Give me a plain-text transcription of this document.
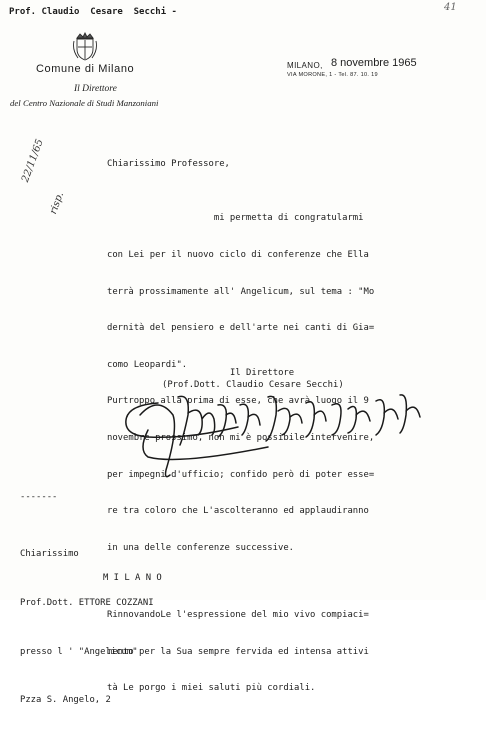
Prof. Claudio  Cesare  Secchi -	41
Comune di Milano
Il Direttore
del Centro Nazionale di Studi Manzoniani
MILANO, 8 novembre 1965
VIA MORONE, 1 - Tel. 87. 10. 19
22/11/65
risp.
Chiarissimo Professore,

mi permetta di congratularmi

con Lei per il nuovo ciclo di conferenze che Ella

terrà prossimamente all' Angelicum, sul tema : "Mo

dernità del pensiero e dell'arte nei canti di Gia=

como Leopardi".

Purtroppo alla prima di esse, che avrà luogo il 9

novembre prossimo, non mi è possibile intervenire,

per impegni d'ufficio; confido però di poter esse=

re tra coloro che L'ascolteranno ed applaudiranno

in una delle conferenze successive.

RinnovandoLe l'espressione del mio vivo compiaci=

mento per la Sua sempre fervida ed intensa attivi

tà Le porgo i miei saluti più cordiali.

Il Direttore
(Prof.Dott. Claudio Cesare Secchi)
-------

Chiarissimo

Prof.Dott. ETTORE COZZANI

presso l ' "Angelicum"

Pzza S. Angelo, 2

M I L A N O
